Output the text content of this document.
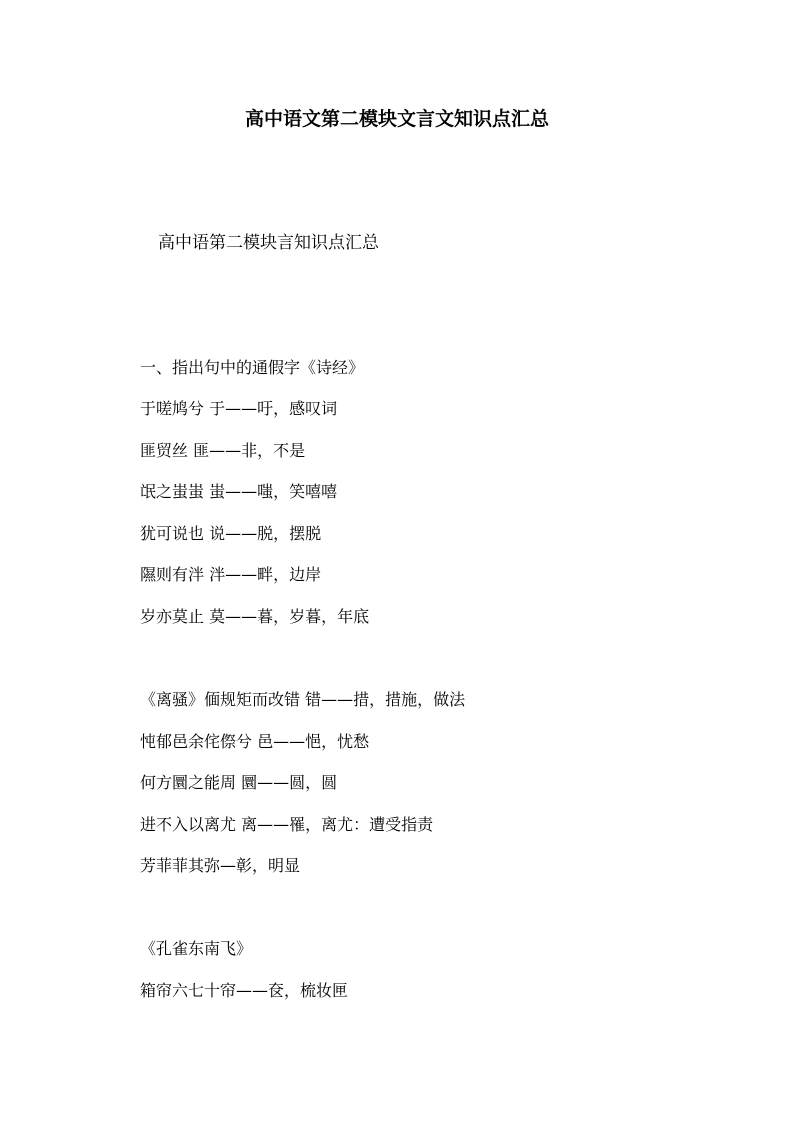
高中语文第二模块文言文知识点汇总
高中语第二模块言知识点汇总
一、指出句中的通假字《诗经》
于嗟鸠兮 于——吁，感叹词
匪贸丝 匪——非，不是
氓之蚩蚩 蚩——嗤，笑嘻嘻
犹可说也 说——脱，摆脱
隰则有泮 泮——畔，边岸
岁亦莫止 莫——暮，岁暮，年底
《离骚》偭规矩而改错 错——措，措施，做法
忳郁邑余侘傺兮 邑——悒，忧愁
何方圜之能周 圜——圆，圆
进不入以离尤 离——罹，离尤：遭受指责
芳菲菲其弥—彰，明显
《孔雀东南飞》
箱帘六七十帘——奁，梳妆匣
